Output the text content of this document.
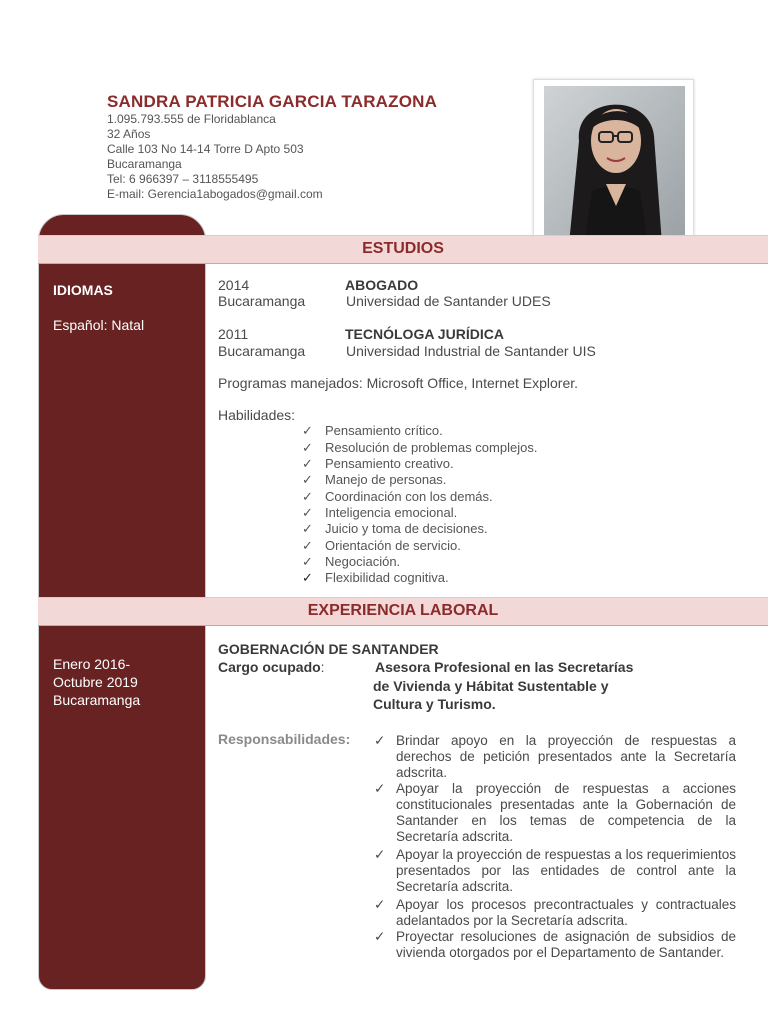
SANDRA PATRICIA GARCIA TARAZONA
1.095.793.555 de Floridablanca
32 Años
Calle 103 No 14-14 Torre D Apto 503
Bucaramanga
Tel: 6 966397 – 3118555495
E-mail: Gerencia1abogados@gmail.com
ESTUDIOS
EXPERIENCIA LABORAL
IDIOMAS
Español: Natal
Enero 2016-
Octubre 2019
Bucaramanga
2014	ABOGADO
Bucaramanga	Universidad de Santander UDES
2011	TECNÓLOGA JURÍDICA
Bucaramanga	Universidad Industrial de Santander UIS
Programas manejados: Microsoft Office, Internet Explorer.
Habilidades:
✓ Pensamiento crítico.
✓ Resolución de problemas complejos.
✓ Pensamiento creativo.
✓ Manejo de personas.
✓ Coordinación con los demás.
✓ Inteligencia emocional.
✓ Juicio y toma de decisiones.
✓ Orientación de servicio.
✓ Negociación.
✓ Flexibilidad cognitiva.
GOBERNACIÓN DE SANTANDER
Cargo ocupado:	Asesora Profesional en las Secretarías
de Vivienda y Hábitat Sustentable y
Cultura y Turismo.
Responsabilidades: ✓ Brindar apoyo en la proyección de respuestas a derechos de petición presentados ante la Secretaría adscrita.
✓ Apoyar la proyección de respuestas a acciones constitucionales presentadas ante la Gobernación de Santander en los temas de competencia de la Secretaría adscrita.
✓ Apoyar la proyección de respuestas a los requerimientos presentados por las entidades de control ante la Secretaría adscrita.
✓ Apoyar los procesos precontractuales y contractuales adelantados por la Secretaría adscrita.
✓ Proyectar resoluciones de asignación de subsidios de vivienda otorgados por el Departamento de Santander.
